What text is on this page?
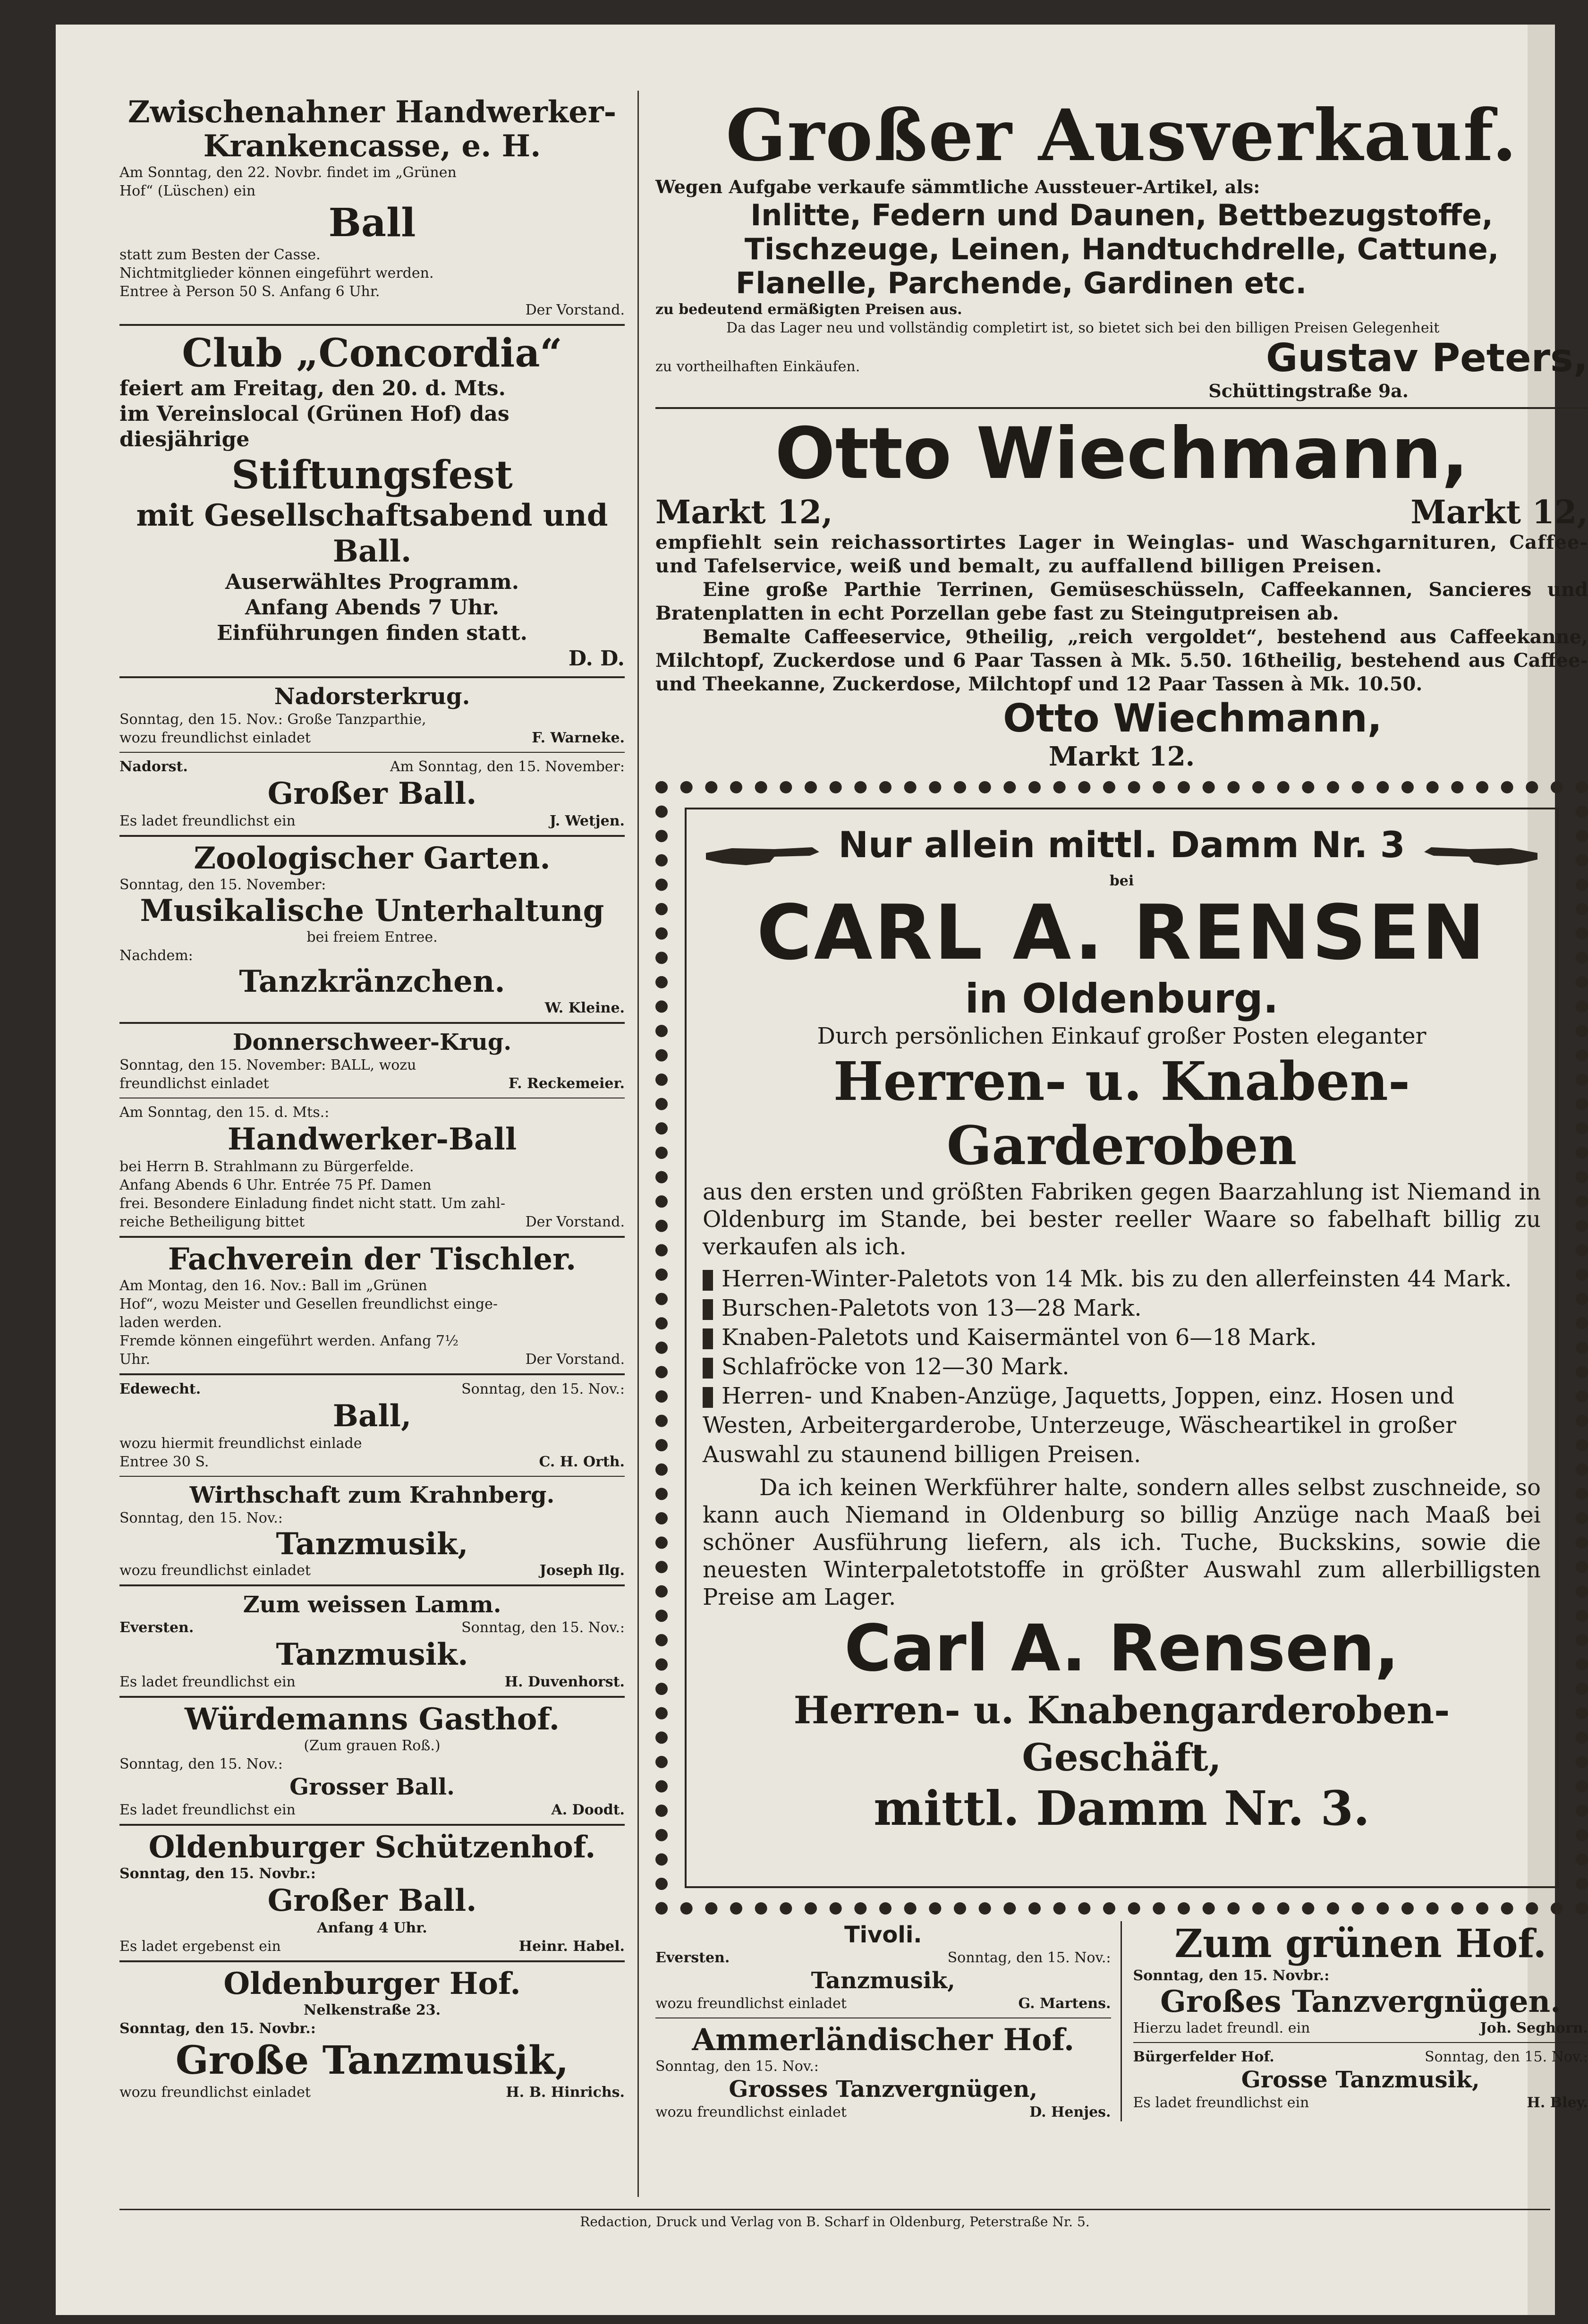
Zwischenahner Handwerker-
Krankencasse, e. H.
Am Sonntag, den 22. Novbr. findet im „Grünen
Hof“ (Lüschen) ein
Ball
statt zum Besten der Casse.
Nichtmitglieder können eingeführt werden.
Entree à Person 50 S. Anfang 6 Uhr.
Der Vorstand.
Club „Concordia“
feiert am Freitag, den 20. d. Mts.
im Vereinslocal (Grünen Hof) das
diesjährige
Stiftungsfest
mit Gesellschaftsabend und Ball.
Auserwähltes Programm.
Anfang Abends 7 Uhr.
Einführungen finden statt.
D. D.
Nadorsterkrug.
Sonntag, den 15. Nov.: Große Tanzparthie,
wozu freundlichst einladet	F. Warneke.
Nadorst.	Am Sonntag, den 15. November:
Großer Ball.
Es ladet freundlichst ein	J. Wetjen.
Zoologischer Garten.
Sonntag, den 15. November:
Musikalische Unterhaltung
bei freiem Entree.
Nachdem:
Tanzkränzchen.
W. Kleine.
Donnerschweer-Krug.
Sonntag, den 15. November: BALL, wozu
freundlichst einladet	F. Reckemeier.
Am Sonntag, den 15. d. Mts.:
Handwerker-Ball
bei Herrn B. Strahlmann zu Bürgerfelde.
Anfang Abends 6 Uhr. Entrée 75 Pf. Damen
frei. Besondere Einladung findet nicht statt. Um zahl-
reiche Betheiligung bittet	Der Vorstand.
Fachverein der Tischler.
Am Montag, den 16. Nov.: Ball im „Grünen
Hof“, wozu Meister und Gesellen freundlichst einge-
laden werden.
Fremde können eingeführt werden. Anfang 7½
Uhr.	Der Vorstand.
Edewecht.	Sonntag, den 15. Nov.:
Ball,
wozu hiermit freundlichst einlade
Entree 30 S.	C. H. Orth.
Wirthschaft zum Krahnberg.
Sonntag, den 15. Nov.:
Tanzmusik,
wozu freundlichst einladet	Joseph Ilg.
Zum weissen Lamm.
Eversten.	Sonntag, den 15. Nov.:
Tanzmusik.
Es ladet freundlichst ein	H. Duvenhorst.
Würdemanns Gasthof.
(Zum grauen Roß.)
Sonntag, den 15. Nov.:
Grosser Ball.
Es ladet freundlichst ein	A. Doodt.
Oldenburger Schützenhof.
Sonntag, den 15. Novbr.:
Großer Ball.
Anfang 4 Uhr.
Es ladet ergebenst ein	Heinr. Habel.
Oldenburger Hof.
Nelkenstraße 23.
Sonntag, den 15. Novbr.:
Große Tanzmusik,
wozu freundlichst einladet	H. B. Hinrichs.
Großer Ausverkauf.
Wegen Aufgabe verkaufe sämmtliche Aussteuer-Artikel, als:
Inlitte, Federn und Daunen, Bettbezugstoffe,
Tischzeuge, Leinen, Handtuchdrelle, Cattune,
Flanelle, Parchende, Gardinen etc.
zu bedeutend ermäßigten Preisen aus.
Da das Lager neu und vollständig completirt ist, so bietet sich bei den billigen Preisen Gelegenheit
zu vortheilhaften Einkäufen.	Gustav Peters,
Schüttingstraße 9a.
Otto Wiechmann,
Markt 12,	Markt 12,
empfiehlt sein reichassortirtes Lager in Weinglas- und Waschgarnituren, Caffee- und Tafelservice, weiß und bemalt, zu auffallend billigen Preisen.
Eine große Parthie Terrinen, Gemüseschüsseln, Caffeekannen, Sancieres und Bratenplatten in echt Porzellan gebe fast zu Steingutpreisen ab.
Bemalte Caffeeservice, 9theilig, „reich vergoldet“, bestehend aus Caffeekanne, Milchtopf, Zuckerdose und 6 Paar Tassen à Mk. 5.50. 16theilig, bestehend aus Caffee- und Theekanne, Zuckerdose, Milchtopf und 12 Paar Tassen à Mk. 10.50.
Otto Wiechmann,
Markt 12.
Nur allein mittl. Damm Nr. 3
bei
CARL A. RENSEN
in Oldenburg.
Durch persönlichen Einkauf großer Posten eleganter
Herren- u. Knaben-Garderoben
aus den ersten und größten Fabriken gegen Baarzahlung ist Niemand in Oldenburg im Stande, bei bester reeller Waare so fabelhaft billig zu verkaufen als ich.
Herren-Winter-Paletots von 14 Mk. bis zu den allerfeinsten 44 Mark.
Burschen-Paletots von 13—28 Mark.
Knaben-Paletots und Kaisermäntel von 6—18 Mark.
Schlafröcke von 12—30 Mark.
Herren- und Knaben-Anzüge, Jaquetts, Joppen, einz. Hosen und Westen, Arbeitergarderobe, Unterzeuge, Wäscheartikel in großer Auswahl zu staunend billigen Preisen.
Da ich keinen Werkführer halte, sondern alles selbst zuschneide, so kann auch Niemand in Oldenburg so billig Anzüge nach Maaß bei schöner Ausführung liefern, als ich. Tuche, Buckskins, sowie die neuesten Winterpaletotstoffe in größter Auswahl zum allerbilligsten Preise am Lager.
Carl A. Rensen,
Herren- u. Knabengarderoben-Geschäft,
mittl. Damm Nr. 3.
Tivoli.
Eversten.	Sonntag, den 15. Nov.:
Tanzmusik,
wozu freundlichst einladet	G. Martens.
Ammerländischer Hof.
Sonntag, den 15. Nov.:
Grosses Tanzvergnügen,
wozu freundlichst einladet	D. Henjes.
Zum grünen Hof.
Sonntag, den 15. Novbr.:
Großes Tanzvergnügen.
Hierzu ladet freundl. ein	Joh. Seghorn.
Bürgerfelder Hof.	Sonntag, den 15. Nov.:
Grosse Tanzmusik,
Es ladet freundlichst ein	H. Bley.
Redaction, Druck und Verlag von B. Scharf in Oldenburg, Peterstraße Nr. 5.
